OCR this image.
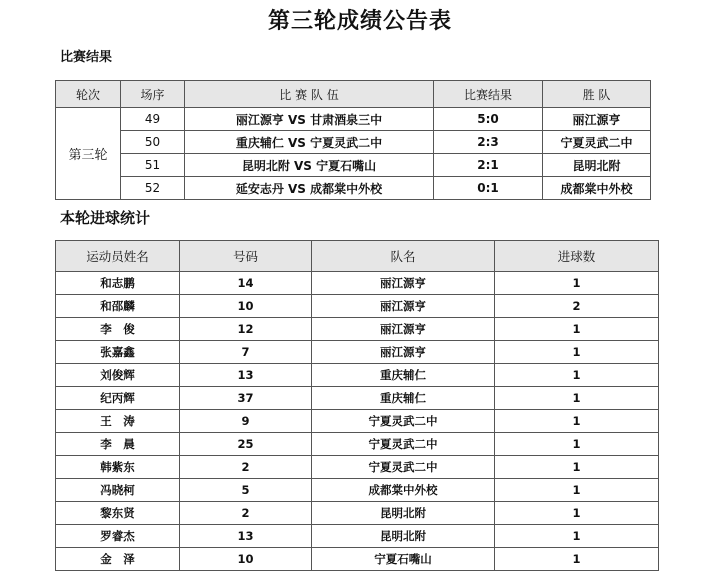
第三轮成绩公告表
比赛结果
轮次	场序	比 赛 队 伍	比赛结果	胜 队
第三轮	49	丽江源亨 VS 甘肃酒泉三中	5:0	丽江源亨
	50	重庆辅仁 VS 宁夏灵武二中	2:3	宁夏灵武二中
	51	昆明北附 VS 宁夏石嘴山	2:1	昆明北附
	52	延安志丹 VS 成都棠中外校	0:1	成都棠中外校
本轮进球统计
运动员姓名	号码	队名	进球数
和志鹏	14	丽江源亨	1
和邵麟	10	丽江源亨	2
李　俊	12	丽江源亨	1
张嘉鑫	7	丽江源亨	1
刘俊辉	13	重庆辅仁	1
纪丙辉	37	重庆辅仁	1
王　涛	9	宁夏灵武二中	1
李　晨	25	宁夏灵武二中	1
韩紫东	2	宁夏灵武二中	1
冯晓柯	5	成都棠中外校	1
黎东贤	2	昆明北附	1
罗睿杰	13	昆明北附	1
金　泽	10	宁夏石嘴山	1
